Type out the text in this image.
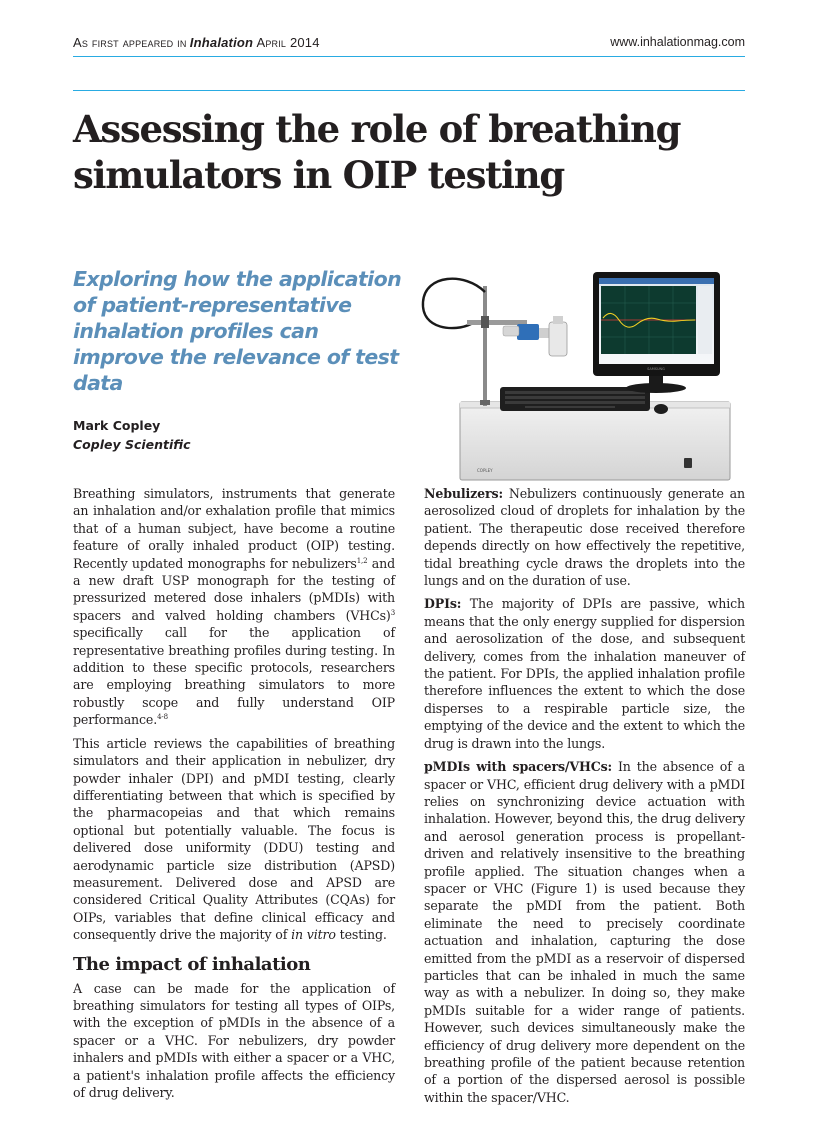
As first appeared in Inhalation April 2014	www.inhalationmag.com
Assessing the role of breathing simulators in OIP testing

Exploring how the application of patient-representative inhalation profiles can improve the relevance of test data

Mark Copley
Copley Scientific
COPLEY
SAMSUNG

Breathing simulators, instruments that generate an inhalation and/or exhalation profile that mimics that of a human subject, have become a routine feature of orally inhaled product (OIP) testing. Recently updated monographs for nebulizers$^{1,2}$ and a new draft USP monograph for the testing of pressurized metered dose inhalers (pMDIs) with spacers and valved holding chambers (VHCs)$^3$ specifically call for the application of representative breathing profiles during testing. In addition to these specific protocols, researchers are employing breathing simulators to more robustly scope and fully understand OIP performance.$^{4-8}$

This article reviews the capabilities of breathing simulators and their application in nebulizer, dry powder inhaler (DPI) and pMDI testing, clearly differentiating between that which is specified by the pharmacopeias and that which remains optional but potentially valuable. The focus is delivered dose uniformity (DDU) testing and aerodynamic particle size distribution (APSD) measurement. Delivered dose and APSD are considered Critical Quality Attributes (CQAs) for OIPs, variables that define clinical efficacy and consequently drive the majority of in vitro testing.

The impact of inhalation

A case can be made for the application of breathing simulators for testing all types of OIPs, with the exception of pMDIs in the absence of a spacer or a VHC. For nebulizers, dry powder inhalers and pMDIs with either a spacer or a VHC, a patient's inhalation profile affects the efficiency of drug delivery.

Nebulizers: Nebulizers continuously generate an aerosolized cloud of droplets for inhalation by the patient. The therapeutic dose received therefore depends directly on how effectively the repetitive, tidal breathing cycle draws the droplets into the lungs and on the duration of use.

DPIs: The majority of DPIs are passive, which means that the only energy supplied for dispersion and aerosolization of the dose, and subsequent delivery, comes from the inhalation maneuver of the patient. For DPIs, the applied inhalation profile therefore influences the extent to which the dose disperses to a respirable particle size, the emptying of the device and the extent to which the drug is drawn into the lungs.

pMDIs with spacers/VHCs: In the absence of a spacer or VHC, efficient drug delivery with a pMDI relies on synchronizing device actuation with inhalation. However, beyond this, the drug delivery and aerosol generation process is propellant-driven and relatively insensitive to the breathing profile applied. The situation changes when a spacer or VHC (Figure 1) is used because they separate the pMDI from the patient. Both eliminate the need to precisely coordinate actuation and inhalation, capturing the dose emitted from the pMDI as a reservoir of dispersed particles that can be inhaled in much the same way as with a nebulizer. In doing so, they make pMDIs suitable for a wider range of patients. However, such devices simultaneously make the efficiency of drug delivery more dependent on the breathing profile of the patient because retention of a portion of the dispersed aerosol is possible within the spacer/VHC.
